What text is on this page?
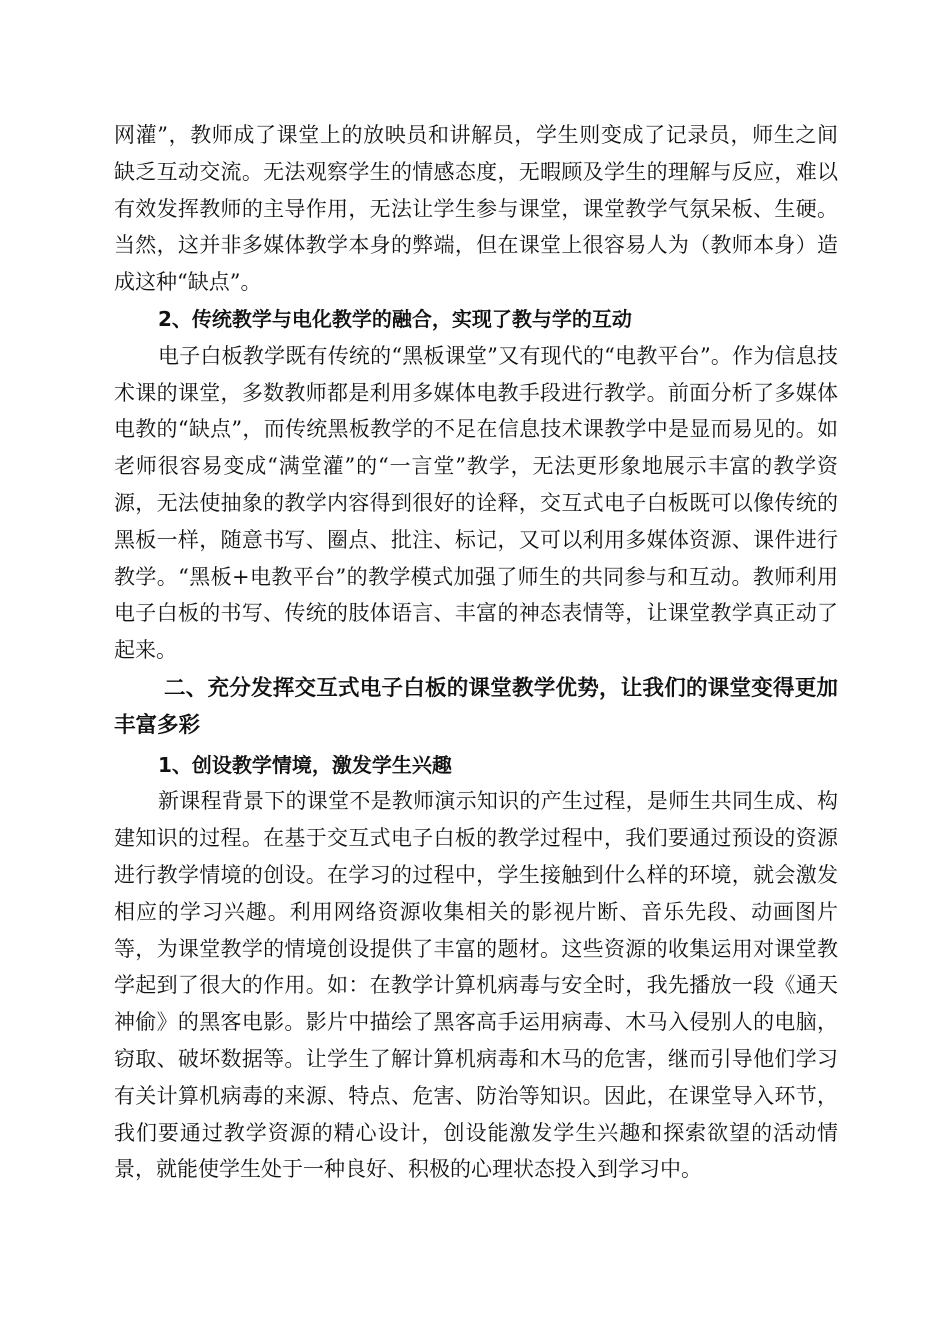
网灌”，教师成了课堂上的放映员和讲解员，学生则变成了记录员，师生之间缺乏互动交流。无法观察学生的情感态度，无暇顾及学生的理解与反应，难以有效发挥教师的主导作用，无法让学生参与课堂，课堂教学气氛呆板、生硬。当然，这并非多媒体教学本身的弊端，但在课堂上很容易人为（教师本身）造成这种“缺点”。

2、传统教学与电化教学的融合，实现了教与学的互动

电子白板教学既有传统的“黑板课堂”又有现代的“电教平台”。作为信息技术课的课堂，多数教师都是利用多媒体电教手段进行教学。前面分析了多媒体电教的“缺点”，而传统黑板教学的不足在信息技术课教学中是显而易见的。如老师很容易变成“满堂灌”的“一言堂”教学，无法更形象地展示丰富的教学资源，无法使抽象的教学内容得到很好的诠释，交互式电子白板既可以像传统的黑板一样，随意书写、圈点、批注、标记，又可以利用多媒体资源、课件进行教学。“黑板+电教平台”的教学模式加强了师生的共同参与和互动。教师利用电子白板的书写、传统的肢体语言、丰富的神态表情等，让课堂教学真正动了起来。

二、充分发挥交互式电子白板的课堂教学优势，让我们的课堂变得更加丰富多彩

1、创设教学情境，激发学生兴趣

新课程背景下的课堂不是教师演示知识的产生过程，是师生共同生成、构建知识的过程。在基于交互式电子白板的教学过程中，我们要通过预设的资源进行教学情境的创设。在学习的过程中，学生接触到什么样的环境，就会激发相应的学习兴趣。利用网络资源收集相关的影视片断、音乐先段、动画图片等，为课堂教学的情境创设提供了丰富的题材。这些资源的收集运用对课堂教学起到了很大的作用。如：在教学计算机病毒与安全时，我先播放一段《通天神偷》的黑客电影。影片中描绘了黑客高手运用病毒、木马入侵别人的电脑，窃取、破坏数据等。让学生了解计算机病毒和木马的危害，继而引导他们学习有关计算机病毒的来源、特点、危害、防治等知识。因此，在课堂导入环节，我们要通过教学资源的精心设计，创设能激发学生兴趣和探索欲望的活动情景，就能使学生处于一种良好、积极的心理状态投入到学习中。
